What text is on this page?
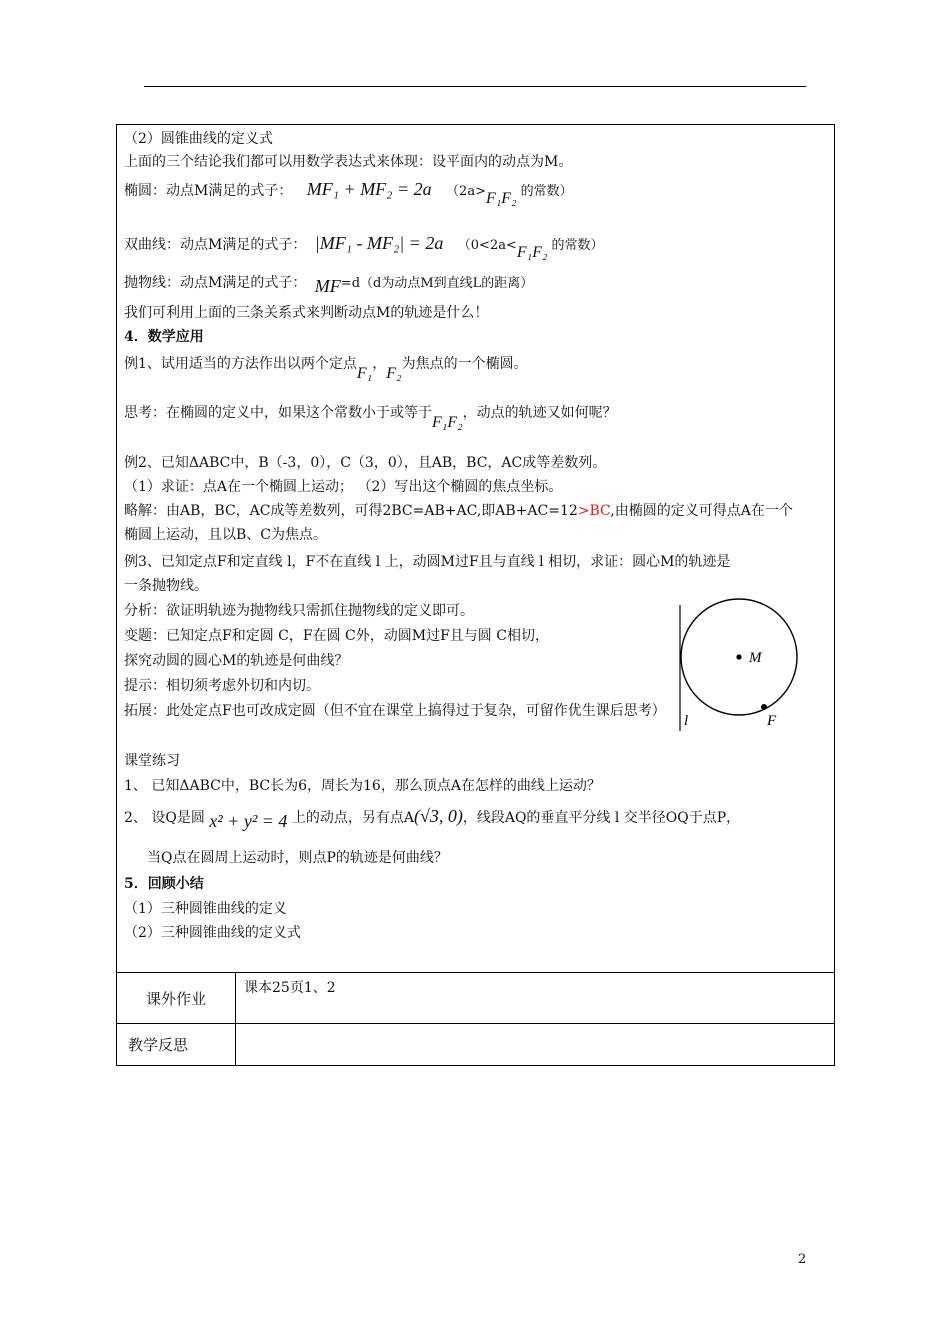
（2）圆锥曲线的定义式
上面的三个结论我们都可以用数学表达式来体现：设平面内的动点为M。
椭圆：动点M满足的式子： MF₁ + MF₂ = 2a （2a>F₁F₂ 的常数）
双曲线：动点M满足的式子： |MF₁ - MF₂| = 2a （0<2a<F₁F₂ 的常数）
抛物线：动点M满足的式子： MF=d（d为动点M到直线L的距离）
我们可利用上面的三条关系式来判断动点M的轨迹是什么！
4．数学应用
例1、试用适当的方法作出以两个定点F₁，F₂为焦点的一个椭圆。
思考：在椭圆的定义中，如果这个常数小于或等于F₁F₂，动点的轨迹又如何呢？
例2、已知ΔABC中，B（-3，0），C（3，0），且AB，BC，AC成等差数列。
（1）求证：点A在一个椭圆上运动； （2）写出这个椭圆的焦点坐标。
略解：由AB，BC，AC成等差数列，可得2BC=AB+AC,即AB+AC=12>BC,由椭圆的定义可得点A在一个
椭圆上运动，且以B、C为焦点。
例3、已知定点F和定直线 l，F不在直线 l 上，动圆M过F且与直线 l 相切，求证：圆心M的轨迹是
一条抛物线。
分析：欲证明轨迹为抛物线只需抓住抛物线的定义即可。
变题：已知定点F和定圆 C，F在圆 C外，动圆M过F且与圆 C相切，
探究动圆的圆心M的轨迹是何曲线？
提示：相切须考虑外切和内切。
拓展：此处定点F也可改成定圆（但不宜在课堂上搞得过于复杂，可留作优生课后思考）
M
F
l
课堂练习
1、 已知ΔABC中，BC长为6，周长为16，那么顶点A在怎样的曲线上运动？
2、 设Q是圆 x² + y² = 4 上的动点，另有点A(√3, 0)，线段AQ的垂直平分线 l 交半径OQ于点P，
当Q点在圆周上运动时，则点P的轨迹是何曲线？
5．回顾小结
（1）三种圆锥曲线的定义
（2）三种圆锥曲线的定义式
课外作业
课本25页1、2
教学反思
2
